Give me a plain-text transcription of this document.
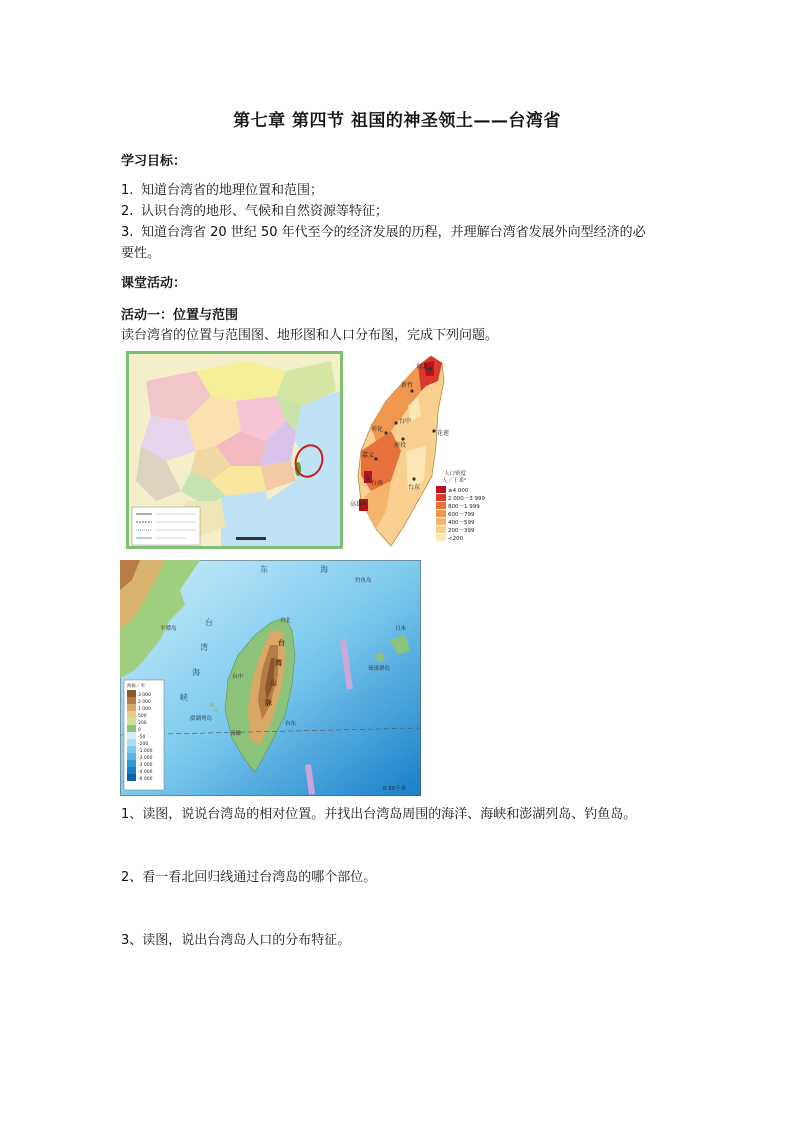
第七章 第四节 祖国的神圣领土——台湾省
学习目标：
1. 知道台湾省的地理位置和范围；
2. 认识台湾的地形、气候和自然资源等特征；
3. 知道台湾省 20 世纪 50 年代至今的经济发展的历程，并理解台湾省发展外向型经济的必
要性。
课堂活动：
活动一：位置与范围
读台湾省的位置与范围图、地形图和人口分布图，完成下列问题。
台北
新竹
台中
彰化
南投
花莲
嘉义
台南
台东
高雄
人口密度
人／千米²
≥4 000
2 000～3 999
800～1 999
600～799
400～599
200～399
<200
东	海
台
湾
海
峡
台
湾
山
脉
澎湖列岛
台北
台中
高雄
台东
琉球群岛
日本
钓鱼岛
平潭岛
0 50千米
海拔／米
3 000
2 000
1 000
500
200
0
-50
-200
-1 000
-2 000
-3 000
-4 000
-6 000
1、读图，说说台湾岛的相对位置。并找出台湾岛周围的海洋、海峡和澎湖列岛、钓鱼岛。
2、看一看北回归线通过台湾岛的哪个部位。
3、读图，说出台湾岛人口的分布特征。
